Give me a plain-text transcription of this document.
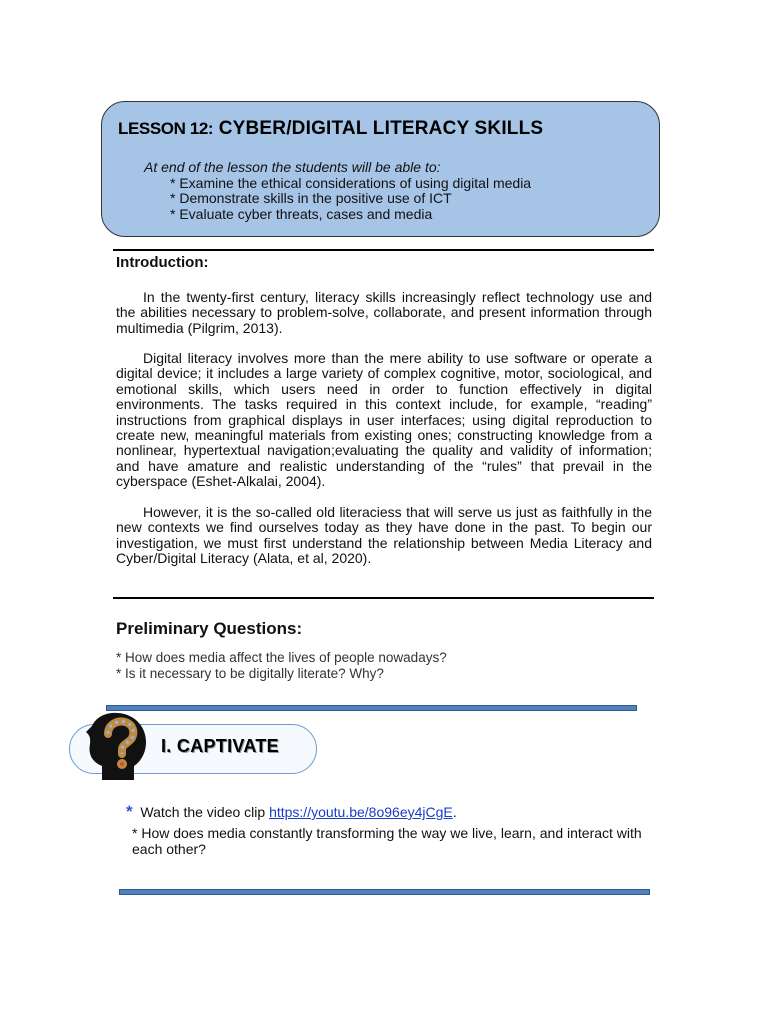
LESSON 12: CYBER/DIGITAL LITERACY SKILLS
At end of the lesson the students will be able to:
* Examine the ethical considerations of using digital media
* Demonstrate skills in the positive use of ICT
* Evaluate cyber threats, cases and media
Introduction:

In the twenty-first century, literacy skills increasingly reflect technology use and the abilities necessary to problem-solve, collaborate, and present information through multimedia (Pilgrim, 2013).

Digital literacy involves more than the mere ability to use software or operate a digital device; it includes a large variety of complex cognitive, motor, sociological, and emotional skills, which users need in order to function effectively in digital environments. The tasks required in this context include, for example, “reading” instructions from graphical displays in user interfaces; using digital reproduction to create new, meaningful materials from existing ones; constructing knowledge from a nonlinear, hypertextual navigation;evaluating the quality and validity of information; and have amature and realistic understanding of the “rules” that prevail in the cyberspace (Eshet-Alkalai, 2004).

However, it is the so-called old literaciess that will serve us just as faithfully in the new contexts we find ourselves today as they have done in the past. To begin our investigation, we must first understand the relationship between Media Literacy and Cyber/Digital Literacy (Alata, et al, 2020).

Preliminary Questions:
* How does media affect the lives of people nowadays?
* Is it necessary to be digitally literate? Why?
I. CAPTIVATE
* Watch the video clip https://youtu.be/8o96ey4jCgE.
* How does media constantly transforming the way we live, learn, and interact with each other?
